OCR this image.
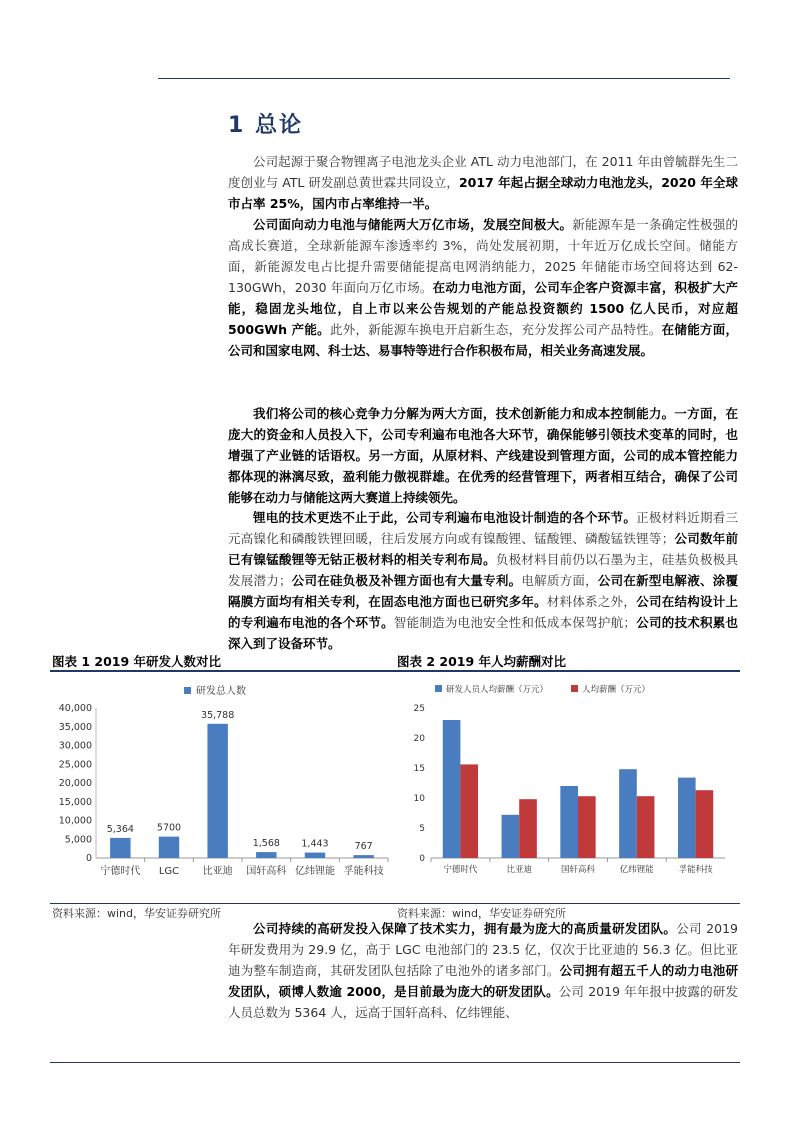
1 总论

公司起源于聚合物锂离子电池龙头企业 ATL 动力电池部门，在 2011 年由曾毓群先生二度创业与 ATL 研发副总黄世霖共同设立，2017 年起占据全球动力电池龙头，2020 年全球市占率 25%，国内市占率维持一半。

公司面向动力电池与储能两大万亿市场，发展空间极大。新能源车是一条确定性极强的高成长赛道，全球新能源车渗透率约 3%，尚处发展初期，十年近万亿成长空间。储能方面，新能源发电占比提升需要储能提高电网消纳能力，2025 年储能市场空间将达到 62-130GWh，2030 年面向万亿市场。在动力电池方面，公司车企客户资源丰富，积极扩大产能，稳固龙头地位，自上市以来公告规划的产能总投资额约 1500 亿人民币，对应超 500GWh 产能。此外，新能源车换电开启新生态，充分发挥公司产品特性。在储能方面，公司和国家电网、科士达、易事特等进行合作积极布局，相关业务高速发展。

我们将公司的核心竞争力分解为两大方面，技术创新能力和成本控制能力。一方面，在庞大的资金和人员投入下，公司专利遍布电池各大环节，确保能够引领技术变革的同时，也增强了产业链的话语权。另一方面，从原材料、产线建设到管理方面，公司的成本管控能力都体现的淋漓尽致，盈利能力傲视群雄。在优秀的经营管理下，两者相互结合，确保了公司能够在动力与储能这两大赛道上持续领先。

锂电的技术更迭不止于此，公司专利遍布电池设计制造的各个环节。正极材料近期看三元高镍化和磷酸铁锂回暖，往后发展方向或有镍酸锂、锰酸锂、磷酸锰铁锂等；公司数年前已有镍锰酸锂等无钴正极材料的相关专利布局。负极材料目前仍以石墨为主，硅基负极极具发展潜力；公司在硅负极及补锂方面也有大量专利。电解质方面，公司在新型电解液、涂覆隔膜方面均有相关专利，在固态电池方面也已研究多年。材料体系之外，公司在结构设计上的专利遍布电池的各个环节。智能制造为电池安全性和低成本保驾护航；公司的技术积累也深入到了设备环节。

图表 1 2019 年研发人数对比	图表 2 2019 年人均薪酬对比
5,364 5700
35,788
1,568 1,443	767
0
5,000
10,000
15,000
20,000
25,000
30,000
35,000
40,000
宁德时代 LGC 比亚迪 国轩高科 亿纬锂能 孚能科技
研发总人数
0
5
10
15
20
25
宁德时代	比亚迪	国轩高科	亿纬锂能	孚能科技
研发人员人均薪酬（万元）	人均薪酬（万元）
资料来源：wind，华安证券研究所	资料来源：wind，华安证券研究所

公司持续的高研发投入保障了技术实力，拥有最为庞大的高质量研发团队。公司 2019 年研发费用为 29.9 亿，高于 LGC 电池部门的 23.5 亿，仅次于比亚迪的 56.3 亿。但比亚迪为整车制造商，其研发团队包括除了电池外的诸多部门。公司拥有超五千人的动力电池研发团队，硕博人数逾 2000，是目前最为庞大的研发团队。公司 2019 年年报中披露的研发人员总数为 5364 人，远高于国轩高科、亿纬锂能、
